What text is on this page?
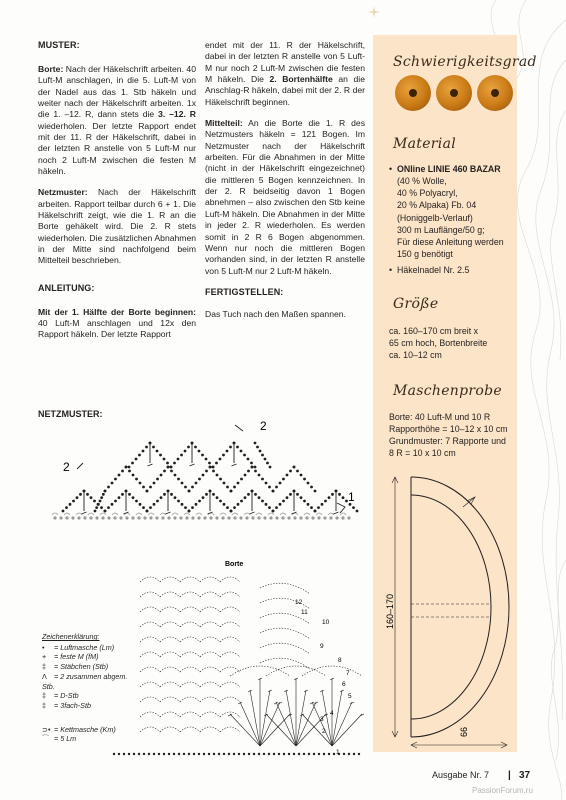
MUSTER:

Borte: Nach der Häkelschrift arbeiten. 40 Luft-M anschlagen, in die 5. Luft-M von der Nadel aus das 1. Stb häkeln und weiter nach der Häkelschrift arbeiten. 1x die 1. –12. R, dann stets die 3. –12. R wiederholen. Der letzte Rapport endet mit der 11. R der Häkelschrift, dabei in der letzten R anstelle von 5 Luft-M nur noch 2 Luft-M zwischen die festen M häkeln.

Netzmuster: Nach der Häkelschrift arbeiten. Rapport teilbar durch 6 + 1. Die Häkelschrift zeigt, wie die 1. R an die Borte gehäkelt wird. Die 2. R stets wiederholen. Die zusätzlichen Abnahmen in der Mitte sind nachfolgend beim Mittelteil beschrieben.

ANLEITUNG:

Mit der 1. Hälfte der Borte beginnen: 40 Luft-M anschlagen und 12x den Rapport häkeln. Der letzte Rapport

endet mit der 11. R der Häkelschrift, dabei in der letzten R anstelle von 5 Luft-M nur noch 2 Luft-M zwischen die festen M häkeln. Die 2. Bortenhälfte an die Anschlag-R häkeln, dabei mit der 2. R der Häkelschrift beginnen.

Mittelteil: An die Borte die 1. R des Netzmusters häkeln = 121 Bogen. Im Netzmuster nach der Häkelschrift arbeiten. Für die Abnahmen in der Mitte (nicht in der Häkelschrift eingezeichnet) die mittleren 5 Bogen kennzeichnen. In der 2. R beidseitig davon 1 Bogen abnehmen – also zwischen den Stb keine Luft-M häkeln. Die Abnahmen in der Mitte in jeder 2. R wiederholen. Es werden somit in 2 R 6 Bogen abgenommen. Wenn nur noch die mittleren Bogen vorhanden sind, in der letzten R anstelle von 5 Luft-M nur 2 Luft-M häkeln.

FERTIGSTELLEN:

Das Tuch nach den Maßen spannen.

NETZMUSTER:
2
2
1
Borte
1
2
3
4
5
6
7
8
9
10
11
12
Zeichenerklärung:
• = Luftmasche (Lm)
+ = feste M (fM)
‡ = Stäbchen (Stb)
Λ = 2 zusammen abgem. Stb.
‡ = D-Stb
‡ = 3fach-Stb
⊃• = Kettmasche (Km)
⌒ = 5 Lm
Schwierigkeitsgrad
Material
• ONline LINIE 460 BAZAR
(40 % Wolle,
40 % Polyacryl,
20 % Alpaka) Fb. 04
(Honiggelb-Verlauf)
300 m Lauflänge/50 g;
Für diese Anleitung werden
150 g benötigt
• Häkelnadel Nr. 2.5
Größe
ca. 160–170 cm breit x
65 cm hoch, Bortenbreite
ca. 10–12 cm
Maschenprobe
Borte: 40 Luft-M und 10 R
Rapporthöhe = 10–12 x 10 cm
Grundmuster: 7 Rapporte und
8 R = 10 x 10 cm
160–170
66
Ausgabe Nr. 7 | 37
PassionForum.ru
